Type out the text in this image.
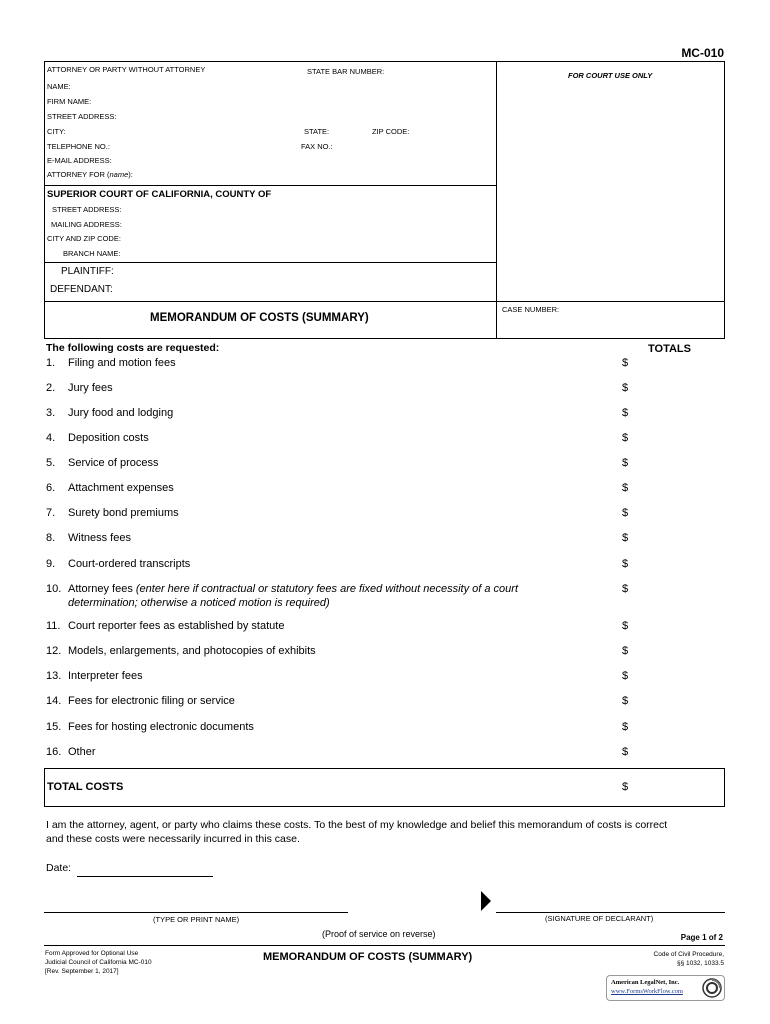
MC-010
ATTORNEY OR PARTY WITHOUT ATTORNEY	STATE BAR NUMBER:	FOR COURT USE ONLY
NAME:
FIRM NAME:
STREET ADDRESS:
CITY:	STATE:	ZIP CODE:
TELEPHONE NO.:	FAX NO.:
E-MAIL ADDRESS:
ATTORNEY FOR (name):
SUPERIOR COURT OF CALIFORNIA, COUNTY OF
STREET ADDRESS:
MAILING ADDRESS:
CITY AND ZIP CODE:
BRANCH NAME:
PLAINTIFF:
DEFENDANT:
MEMORANDUM OF COSTS (SUMMARY)
CASE NUMBER:
The following costs are requested:	TOTALS
1. Filing and motion fees	$
2. Jury fees	$
3. Jury food and lodging	$
4. Deposition costs	$
5. Service of process	$
6. Attachment expenses	$
7. Surety bond premiums	$
8. Witness fees	$
9. Court-ordered transcripts	$
10. Attorney fees (enter here if contractual or statutory fees are fixed without necessity of a court
determination; otherwise a noticed motion is required)
$
11. Court reporter fees as established by statute	$
12. Models, enlargements, and photocopies of exhibits	$
13. Interpreter fees	$
14. Fees for electronic filing or service	$
15. Fees for hosting electronic documents	$
16. Other	$
TOTAL COSTS	$
I am the attorney, agent, or party who claims these costs. To the best of my knowledge and belief this memorandum of costs is correct
and these costs were necessarily incurred in this case.
Date:
(TYPE OR PRINT NAME)	(SIGNATURE OF DECLARANT)
(Proof of service on reverse)	Page 1 of 2
Form Approved for Optional Use
Judicial Council of California MC-010
[Rev. September 1, 2017]
MEMORANDUM OF COSTS (SUMMARY)	Code of Civil Procedure,
§§ 1032, 1033.5
American LegalNet, Inc.
www.FormsWorkFlow.com
